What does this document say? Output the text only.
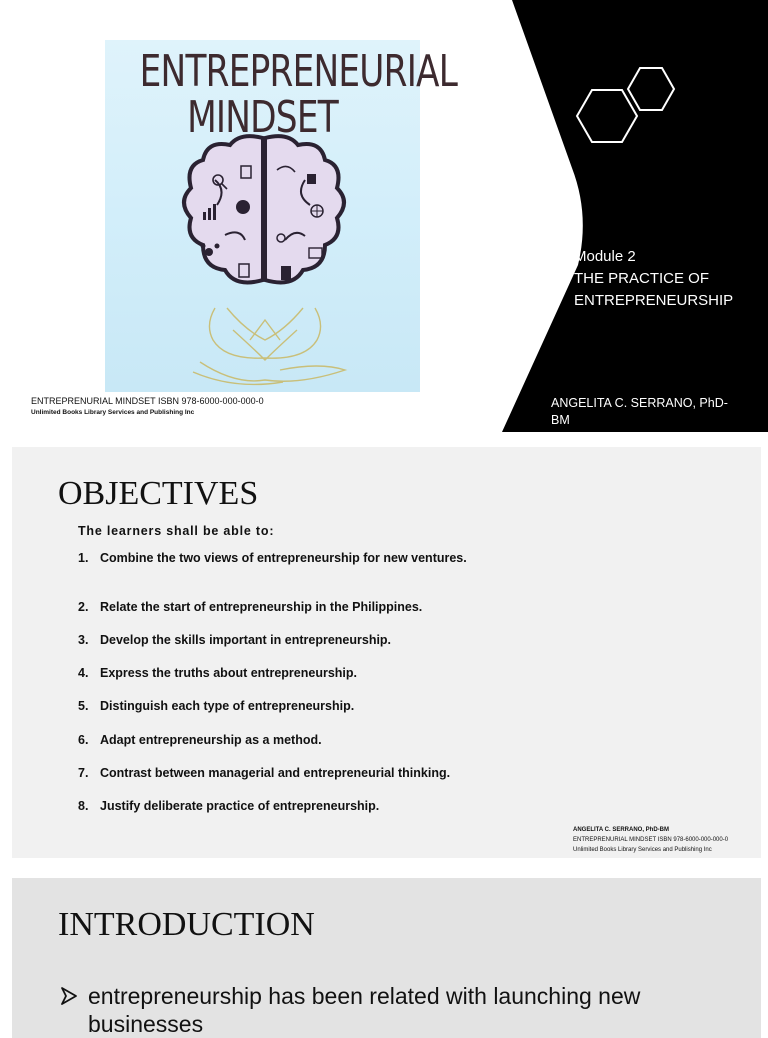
ENTREPRENEURIAL
MINDSET
ENTREPRENURIAL MINDSET ISBN 978-6000-000-000-0
Unlimited Books Library Services and Publishing Inc
Module 2
THE PRACTICE OF
ENTREPRENEURSHIP
ANGELITA C. SERRANO, PhD-BM
OBJECTIVES
The learners shall be able to:
1. Combine the two views of entrepreneurship for new ventures.
2. Relate the start of entrepreneurship in the Philippines.
3. Develop the skills important in entrepreneurship.
4. Express the truths about entrepreneurship.
5. Distinguish each type of entrepreneurship.
6. Adapt entrepreneurship as a method.
7. Contrast between managerial and entrepreneurial thinking.
8. Justify deliberate practice of entrepreneurship.
ANGELITA C. SERRANO, PhD-BM
ENTREPRENURIAL MINDSET ISBN 978-6000-000-000-0
Unlimited Books Library Services and Publishing Inc
INTRODUCTION
entrepreneurship has been related with launching new businesses
